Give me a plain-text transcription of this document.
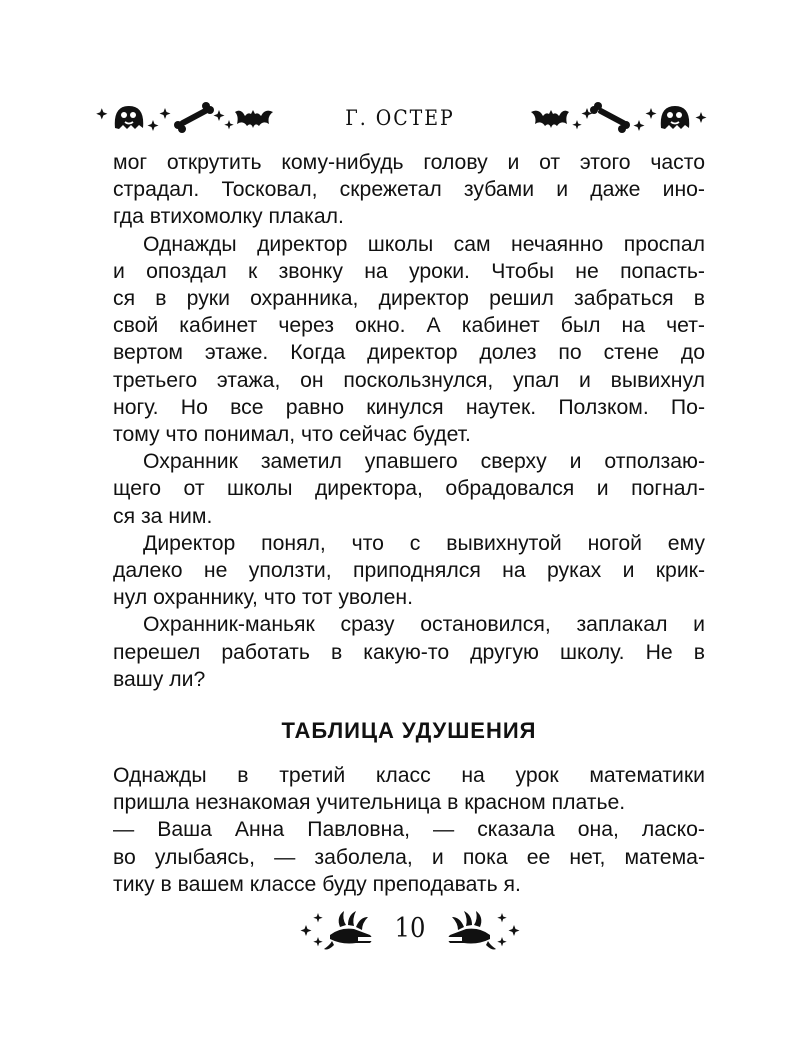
Г. ОСТЕР

мог открутить кому-нибудь голову и от этого часто
страдал. Тосковал, скрежетал зубами и даже ино-
гда втихомолку плакал.

Однажды директор школы сам нечаянно проспал
и опоздал к звонку на уроки. Чтобы не попасть-
ся в руки охранника, директор решил забраться в
свой кабинет через окно. А кабинет был на чет-
вертом этаже. Когда директор долез по стене до
третьего этажа, он поскользнулся, упал и вывихнул
ногу. Но все равно кинулся наутек. Ползком. По-
тому что понимал, что сейчас будет.

Охранник заметил упавшего сверху и отползаю-
щего от школы директора, обрадовался и погнал-
ся за ним.

Директор понял, что с вывихнутой ногой ему
далеко не уползти, приподнялся на руках и крик-
нул охраннику, что тот уволен.

Охранник-маньяк сразу остановился, заплакал и
перешел работать в какую-то другую школу. Не в
вашу ли?

ТАБЛИЦА УДУШЕНИЯ

Однажды в третий класс на урок математики
пришла незнакомая учительница в красном платье.

— Ваша Анна Павловна, — сказала она, ласко-
во улыбаясь, — заболела, и пока ее нет, матема-
тику в вашем классе буду преподавать я.

10
